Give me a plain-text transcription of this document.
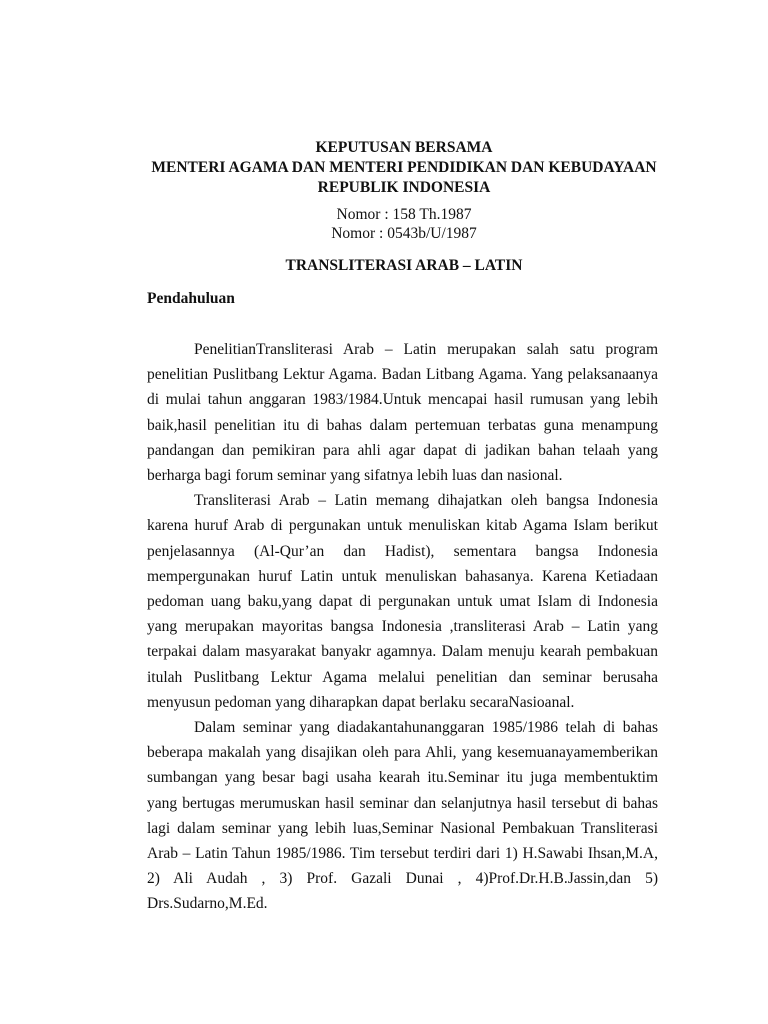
KEPUTUSAN BERSAMA
MENTERI AGAMA DAN MENTERI PENDIDIKAN DAN KEBUDAYAAN
REPUBLIK INDONESIA
Nomor : 158 Th.1987
Nomor : 0543b/U/1987
TRANSLITERASI ARAB – LATIN
Pendahuluan

PenelitianTransliterasi Arab – Latin merupakan salah satu program penelitian Puslitbang Lektur Agama. Badan Litbang Agama. Yang pelaksanaanya di mulai tahun anggaran 1983/1984.Untuk mencapai hasil rumusan yang lebih baik,hasil penelitian itu di bahas dalam pertemuan terbatas guna menampung pandangan dan pemikiran para ahli agar dapat di jadikan bahan telaah yang berharga bagi forum seminar yang sifatnya lebih luas dan nasional.

Transliterasi Arab – Latin memang dihajatkan oleh bangsa Indonesia karena huruf Arab di pergunakan untuk menuliskan kitab Agama Islam berikut penjelasannya (Al-Qur’an dan Hadist), sementara bangsa Indonesia mempergunakan huruf Latin untuk menuliskan bahasanya. Karena Ketiadaan pedoman uang baku,yang dapat di pergunakan untuk umat Islam di Indonesia yang merupakan mayoritas bangsa Indonesia ,transliterasi Arab – Latin yang terpakai dalam masyarakat banyakr agamnya. Dalam menuju kearah pembakuan itulah Puslitbang Lektur Agama melalui penelitian dan seminar berusaha menyusun pedoman yang diharapkan dapat berlaku secaraNasioanal.

Dalam seminar yang diadakantahunanggaran 1985/1986 telah di bahas beberapa makalah yang disajikan oleh para Ahli, yang kesemuanayamemberikan sumbangan yang besar bagi usaha kearah itu.Seminar itu juga membentuktim yang bertugas merumuskan hasil seminar dan selanjutnya hasil tersebut di bahas lagi dalam seminar yang lebih luas,Seminar Nasional Pembakuan Transliterasi Arab – Latin Tahun 1985/1986. Tim tersebut terdiri dari 1) H.Sawabi Ihsan,M.A, 2) Ali Audah , 3) Prof. Gazali Dunai , 4)Prof.Dr.H.B.Jassin,dan 5) Drs.Sudarno,M.Ed.
